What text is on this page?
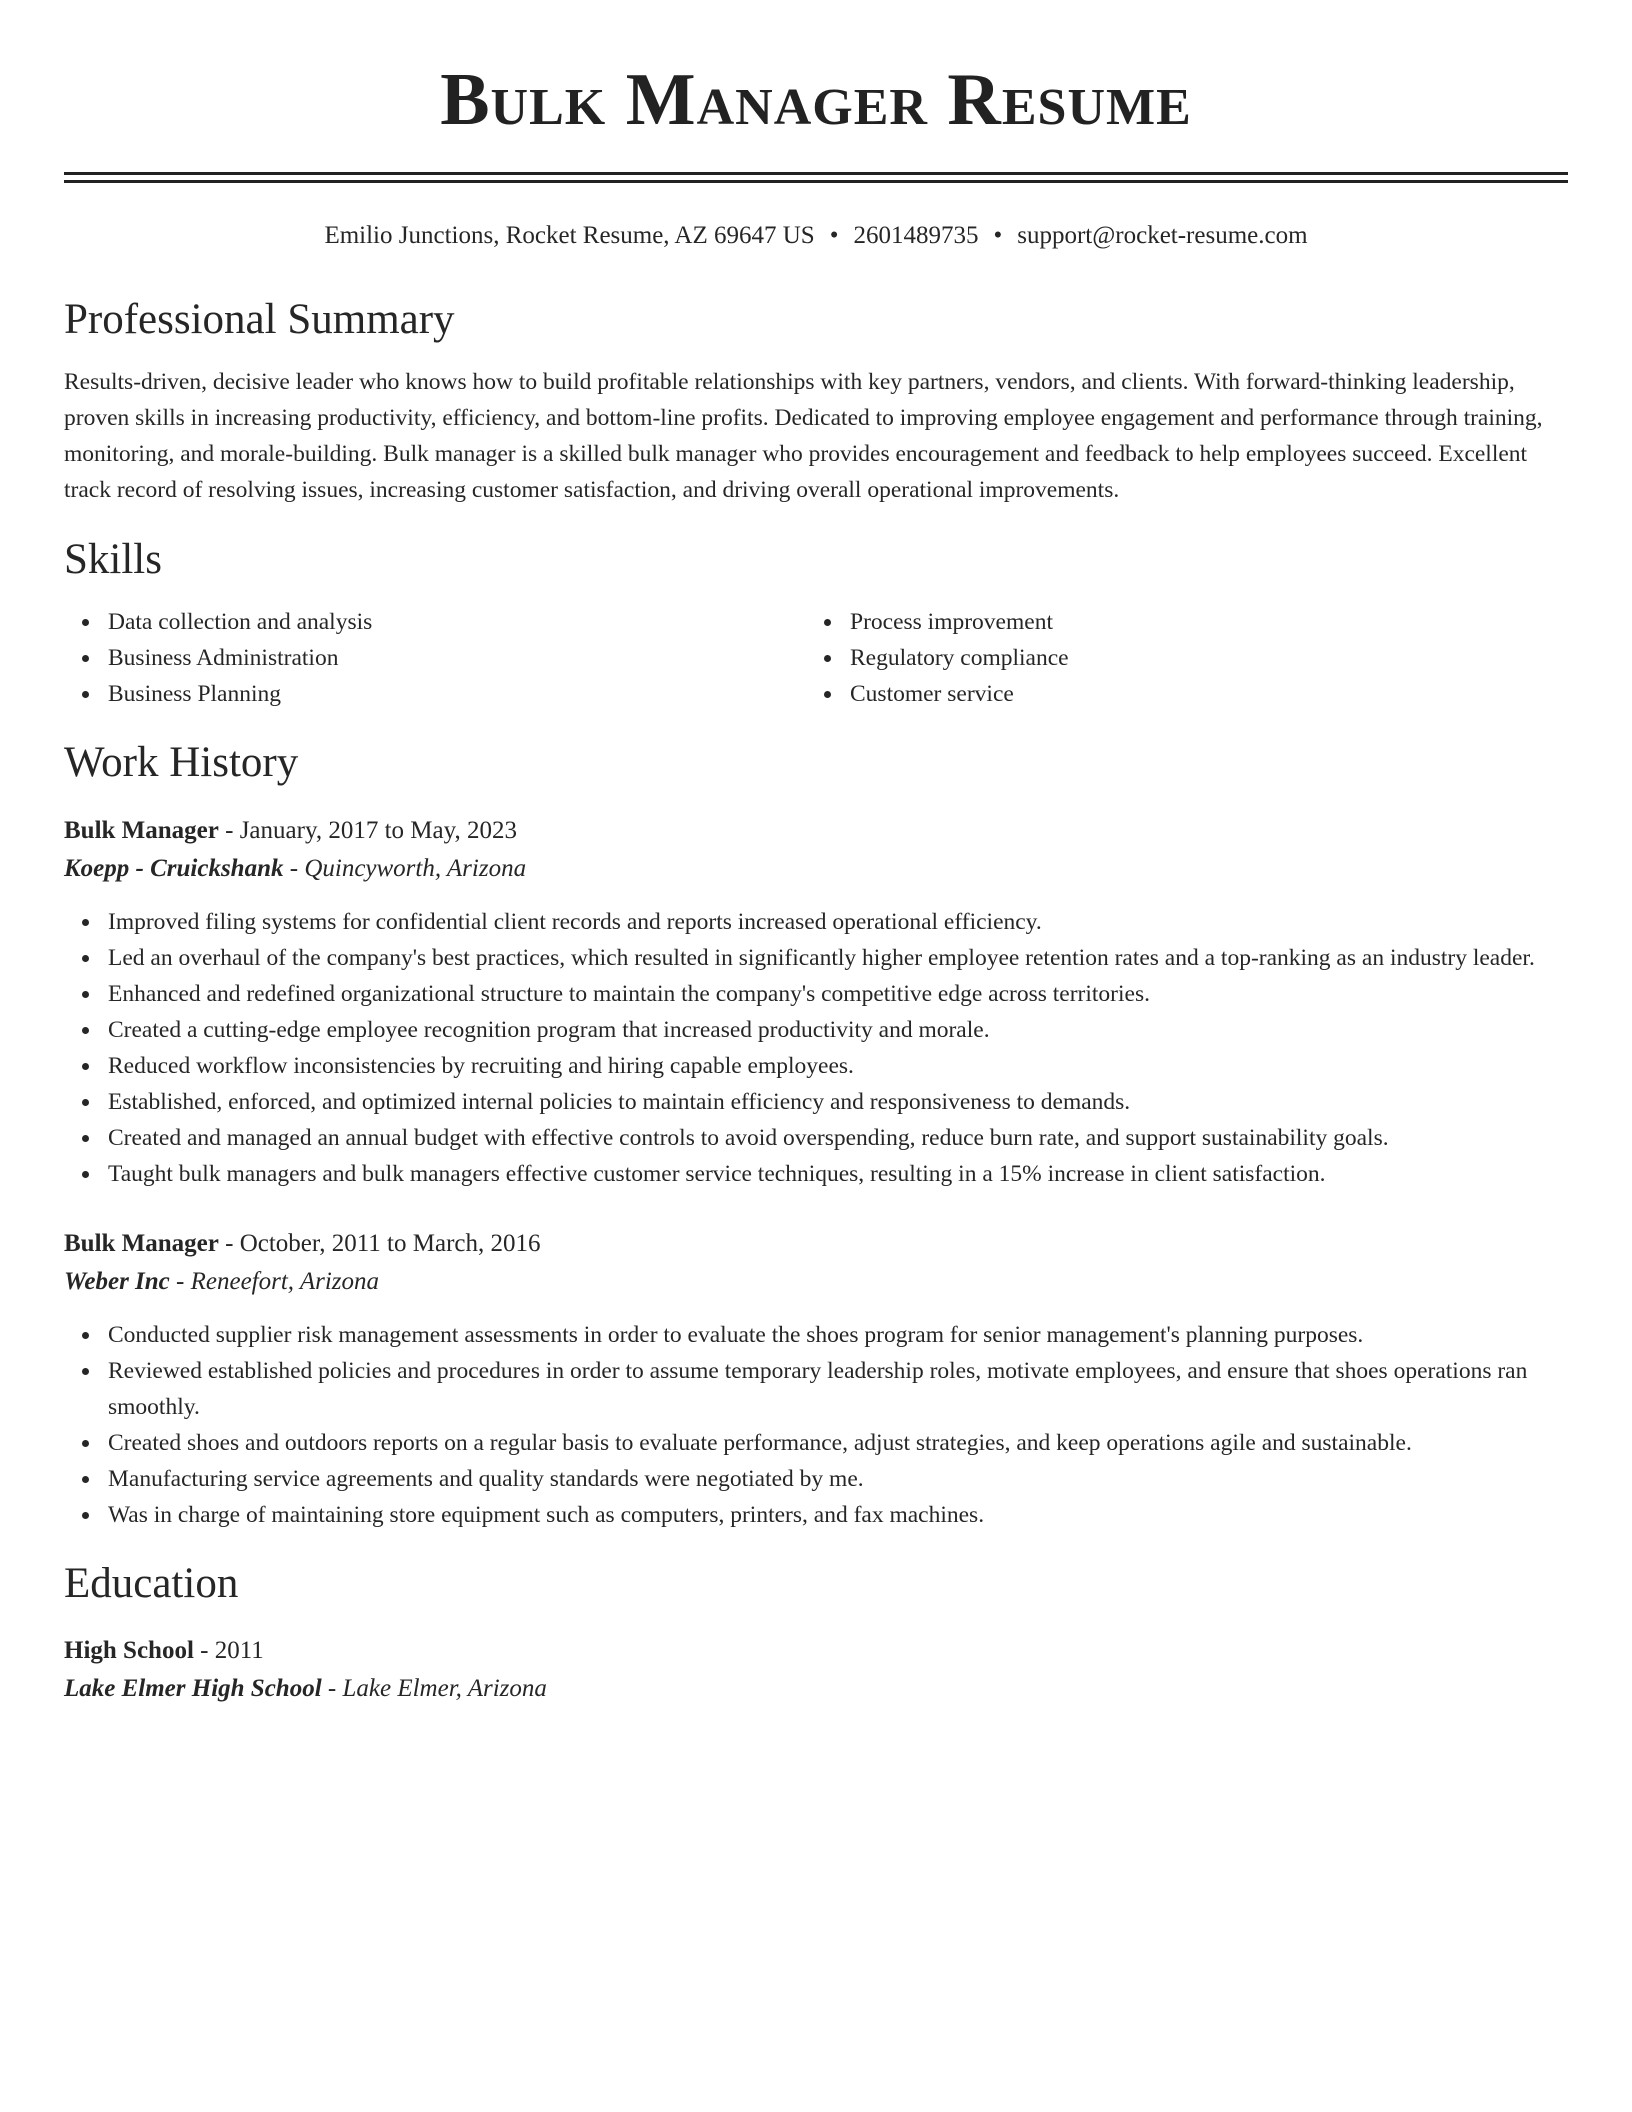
Bulk Manager Resume
Emilio Junctions, Rocket Resume, AZ 69647 US • 2601489735 • support@rocket-resume.com
Professional Summary

Results-driven, decisive leader who knows how to build profitable relationships with key partners, vendors, and clients. With forward-thinking leadership, proven skills in increasing productivity, efficiency, and bottom-line profits. Dedicated to improving employee engagement and performance through training, monitoring, and morale-building. Bulk manager is a skilled bulk manager who provides encouragement and feedback to help employees succeed. Excellent track record of resolving issues, increasing customer satisfaction, and driving overall operational improvements.

Skills
Data collection and analysis
Business Administration
Business Planning
Process improvement
Regulatory compliance
Customer service
Work History
Bulk Manager - January, 2017 to May, 2023
Koepp - Cruickshank - Quincyworth, Arizona
Improved filing systems for confidential client records and reports increased operational efficiency.
Led an overhaul of the company's best practices, which resulted in significantly higher employee retention rates and a top-ranking as an industry leader.
Enhanced and redefined organizational structure to maintain the company's competitive edge across territories.
Created a cutting-edge employee recognition program that increased productivity and morale.
Reduced workflow inconsistencies by recruiting and hiring capable employees.
Established, enforced, and optimized internal policies to maintain efficiency and responsiveness to demands.
Created and managed an annual budget with effective controls to avoid overspending, reduce burn rate, and support sustainability goals.
Taught bulk managers and bulk managers effective customer service techniques, resulting in a 15% increase in client satisfaction.
Bulk Manager - October, 2011 to March, 2016
Weber Inc - Reneefort, Arizona
Conducted supplier risk management assessments in order to evaluate the shoes program for senior management's planning purposes.
Reviewed established policies and procedures in order to assume temporary leadership roles, motivate employees, and ensure that shoes operations ran smoothly.
Created shoes and outdoors reports on a regular basis to evaluate performance, adjust strategies, and keep operations agile and sustainable.
Manufacturing service agreements and quality standards were negotiated by me.
Was in charge of maintaining store equipment such as computers, printers, and fax machines.
Education
High School - 2011
Lake Elmer High School - Lake Elmer, Arizona
